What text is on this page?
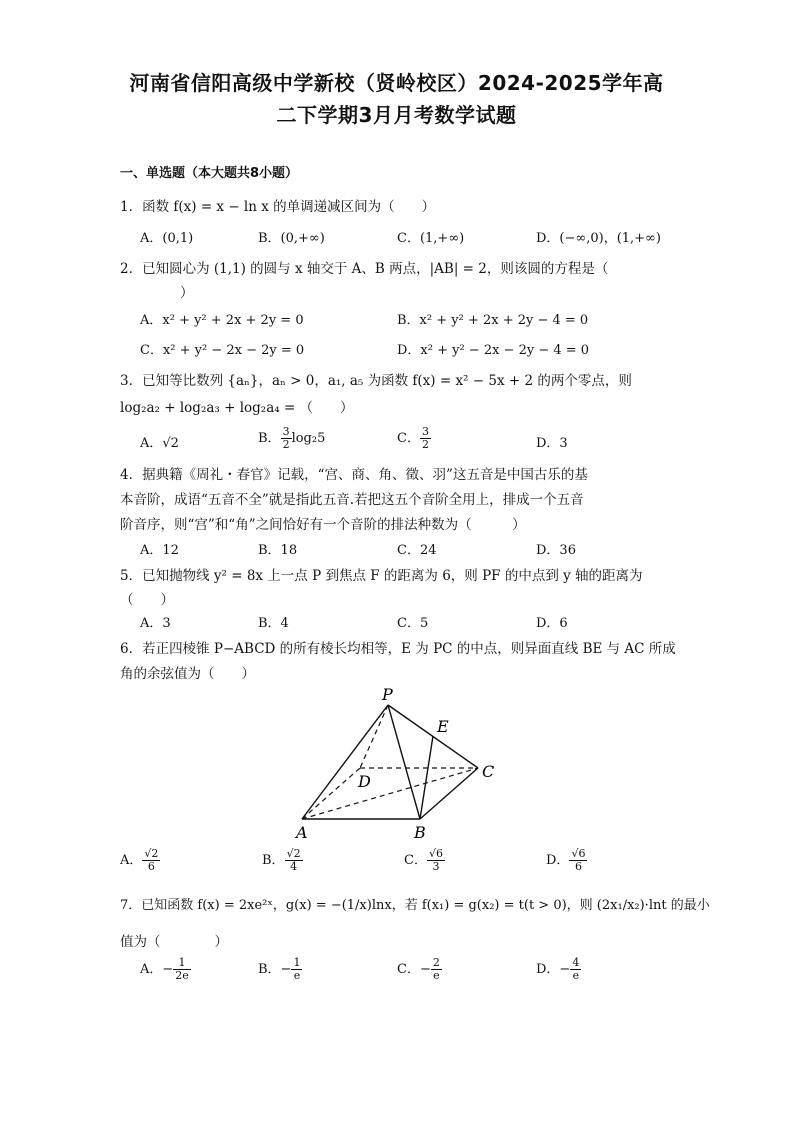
河南省信阳高级中学新校（贤岭校区）2024-2025学年高
二下学期3月月考数学试题
一、单选题（本大题共8小题）
1．函数 f(x) = x − ln x 的单调递减区间为（　　）
A．(0,1)	B．(0,+∞)	C．(1,+∞)	D．(−∞,0)，(1,+∞)
2．已知圆心为 (1,1) 的圆与 x 轴交于 A、B 两点，|AB| = 2，则该圆的方程是（
）
A．x² + y² + 2x + 2y = 0	B．x² + y² + 2x + 2y − 4 = 0
C．x² + y² − 2x − 2y = 0	D．x² + y² − 2x − 2y − 4 = 0
3．已知等比数列 {aₙ}，aₙ > 0，a₁, a₅ 为函数 f(x) = x² − 5x + 2 的两个零点，则
log₂a₂ + log₂a₃ + log₂a₄ = （　　）
A．√2	B． $\frac{3}{2} \log_25$	C． $\frac{3}{2}$	D．3
4．据典籍《周礼・春官》记载，“宫、商、角、徵、羽”这五音是中国古乐的基
本音阶，成语“五音不全”就是指此五音.若把这五个音阶全用上，排成一个五音
阶音序，则“宫”和“角”之间恰好有一个音阶的排法种数为（　　　）
A．12	B．18	C．24	D．36
5．已知抛物线 y² = 8x 上一点 P 到焦点 F 的距离为 6，则 PF 的中点到 y 轴的距离为
（　　）
A．3	B．4	C．5	D．6
6．若正四棱锥 P−ABCD 的所有棱长均相等，E 为 PC 的中点，则异面直线 BE 与 AC 所成
角的余弦值为（　　）
P
E
D
C
A	B
A． $\frac{√2}{6}$	B． $\frac{√2}{4}$	C． $\frac{√6}{3}$	D． $\frac{√6}{6}$
7．已知函数 f(x) = 2xe²ˣ，g(x) = −(1/x)lnx，若 f(x₁) = g(x₂) = t(t > 0)，则 (2x₁/x₂)·lnt 的最小
值为（　　　　）
A．− $\frac{1}{2e}$	B．− $\frac{1}{e}$	C．− $\frac{2}{e}$	D．− $\frac{4}{e}$
